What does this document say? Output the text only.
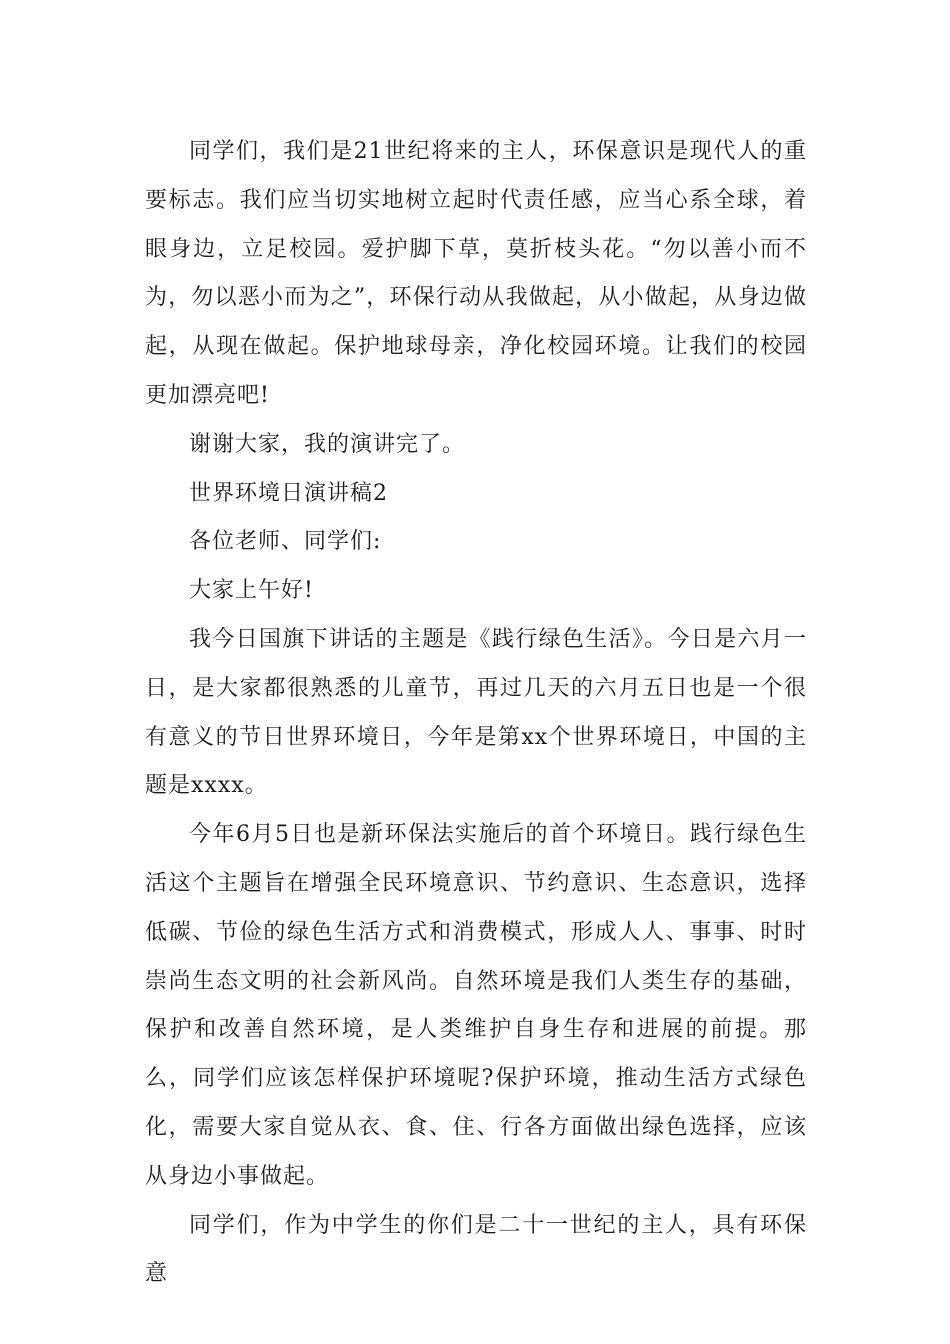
同学们，我们是21世纪将来的主人，环保意识是现代人的重要标志。我们应当切实地树立起时代责任感，应当心系全球，着眼身边，立足校园。爱护脚下草，莫折枝头花。“勿以善小而不为，勿以恶小而为之”，环保行动从我做起，从小做起，从身边做起，从现在做起。保护地球母亲，净化校园环境。让我们的校园更加漂亮吧!

谢谢大家，我的演讲完了。

世界环境日演讲稿2

各位老师、同学们:

大家上午好!

我今日国旗下讲话的主题是《践行绿色生活》。今日是六月一日，是大家都很熟悉的儿童节，再过几天的六月五日也是一个很有意义的节日世界环境日，今年是第xx个世界环境日，中国的主题是xxxx。

今年6月5日也是新环保法实施后的首个环境日。践行绿色生活这个主题旨在增强全民环境意识、节约意识、生态意识，选择低碳、节俭的绿色生活方式和消费模式，形成人人、事事、时时崇尚生态文明的社会新风尚。自然环境是我们人类生存的基础，保护和改善自然环境，是人类维护自身生存和进展的前提。那么，同学们应该怎样保护环境呢?保护环境，推动生活方式绿色化，需要大家自觉从衣、食、住、行各方面做出绿色选择，应该从身边小事做起。

同学们，作为中学生的你们是二十一世纪的主人，具有环保意
